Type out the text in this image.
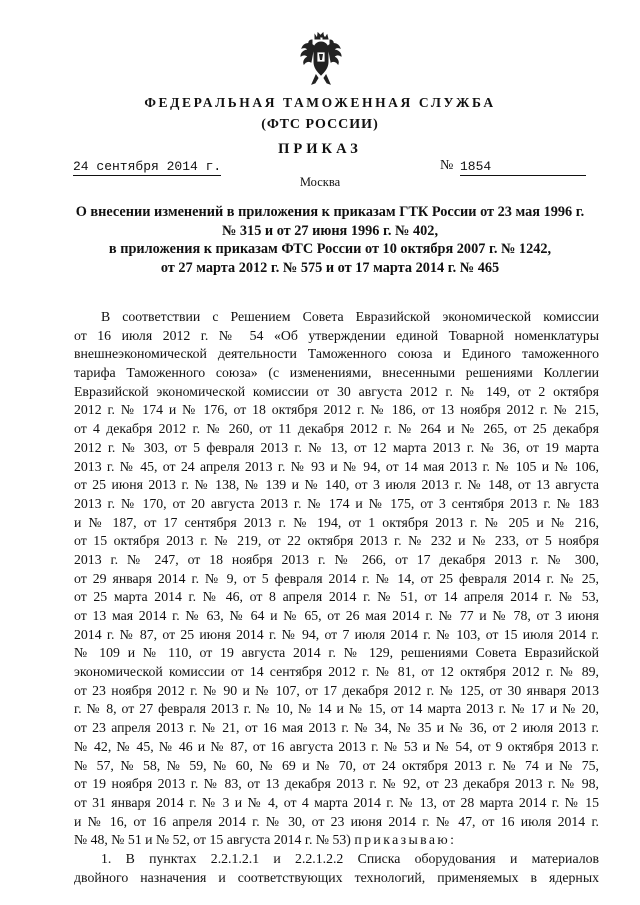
ФЕДЕРАЛЬНАЯ ТАМОЖЕННАЯ СЛУЖБА
(ФТС РОССИИ)
ПРИКАЗ
24 сентября 2014 г.	№ 1854
Москва
О внесении изменений в приложения к приказам ГТК России от 23 мая 1996 г.
№ 315 и от 27 июня 1996 г. № 402,
в приложения к приказам ФТС России от 10 октября 2007 г. № 1242,
от 27 марта 2012 г. № 575 и от 17 марта 2014 г. № 465
В соответствии с Решением Совета Евразийской экономической комиссии
от 16 июля 2012 г. № 54 «Об утверждении единой Товарной номенклатуры
внешнеэкономической деятельности Таможенного союза и Единого таможенного
тарифа Таможенного союза» (с изменениями, внесенными решениями Коллегии
Евразийской экономической комиссии от 30 августа 2012 г. № 149, от 2 октября
2012 г. № 174 и № 176, от 18 октября 2012 г. № 186, от 13 ноября 2012 г. № 215,
от 4 декабря 2012 г. № 260, от 11 декабря 2012 г. № 264 и № 265, от 25 декабря
2012 г. № 303, от 5 февраля 2013 г. № 13, от 12 марта 2013 г. № 36, от 19 марта
2013 г. № 45, от 24 апреля 2013 г. № 93 и № 94, от 14 мая 2013 г. № 105 и № 106,
от 25 июня 2013 г. № 138, № 139 и № 140, от 3 июля 2013 г. № 148, от 13 августа
2013 г. № 170, от 20 августа 2013 г. № 174 и № 175, от 3 сентября 2013 г. № 183
и № 187, от 17 сентября 2013 г. № 194, от 1 октября 2013 г. № 205 и № 216,
от 15 октября 2013 г. № 219, от 22 октября 2013 г. № 232 и № 233, от 5 ноября
2013 г. № 247, от 18 ноября 2013 г. № 266, от 17 декабря 2013 г. № 300,
от 29 января 2014 г. № 9, от 5 февраля 2014 г. № 14, от 25 февраля 2014 г. № 25,
от 25 марта 2014 г. № 46, от 8 апреля 2014 г. № 51, от 14 апреля 2014 г. № 53,
от 13 мая 2014 г. № 63, № 64 и № 65, от 26 мая 2014 г. № 77 и № 78, от 3 июня
2014 г. № 87, от 25 июня 2014 г. № 94, от 7 июля 2014 г. № 103, от 15 июля 2014 г.
№ 109 и № 110, от 19 августа 2014 г. № 129, решениями Совета Евразийской
экономической комиссии от 14 сентября 2012 г. № 81, от 12 октября 2012 г. № 89,
от 23 ноября 2012 г. № 90 и № 107, от 17 декабря 2012 г. № 125, от 30 января 2013
г. № 8, от 27 февраля 2013 г. № 10, № 14 и № 15, от 14 марта 2013 г. № 17 и № 20,
от 23 апреля 2013 г. № 21, от 16 мая 2013 г. № 34, № 35 и № 36, от 2 июля 2013 г.
№ 42, № 45, № 46 и № 87, от 16 августа 2013 г. № 53 и № 54, от 9 октября 2013 г.
№ 57, № 58, № 59, № 60, № 69 и № 70, от 24 октября 2013 г. № 74 и № 75,
от 19 ноября 2013 г. № 83, от 13 декабря 2013 г. № 92, от 23 декабря 2013 г. № 98,
от 31 января 2014 г. № 3 и № 4, от 4 марта 2014 г. № 13, от 28 марта 2014 г. № 15
и № 16, от 16 апреля 2014 г. № 30, от 23 июня 2014 г. № 47, от 16 июля 2014 г.
№ 48, № 51 и № 52, от 15 августа 2014 г. № 53) приказываю:
1. В пунктах 2.2.1.2.1 и 2.2.1.2.2 Списка оборудования и материалов
двойного назначения и соответствующих технологий, применяемых в ядерных
